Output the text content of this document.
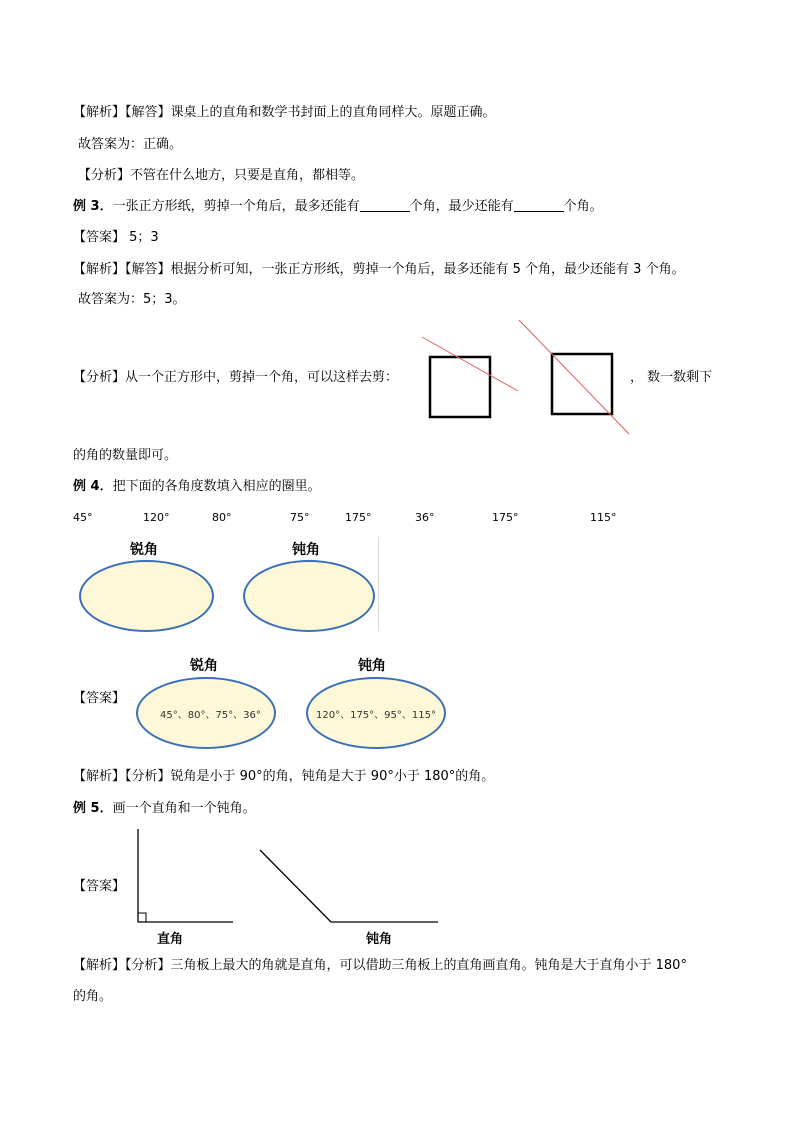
【解析】【解答】课桌上的直角和数学书封面上的直角同样大。原题正确。
故答案为：正确。
【分析】不管在什么地方，只要是直角，都相等。
例 3．一张正方形纸，剪掉一个角后，最多还能有	个角，最少还能有	个角。
【答案】 5；3
【解析】【解答】根据分析可知，一张正方形纸，剪掉一个角后，最多还能有 5 个角，最少还能有 3 个角。
故答案为：5；3。
【分析】从一个正方形中，剪掉一个角，可以这样去剪：	， 数一数剩下
的角的数量即可。
例 4．把下面的各角度数填入相应的圈里。
45°	120°	80°	75°	175°	36°	175°	115°
锐角	钝角
【答案】
锐角
45°、80°、75°、36°
钝角
120°、175°、95°、115°
【解析】【分析】锐角是小于 90°的角，钝角是大于 90°小于 180°的角。
例 5．画一个直角和一个钝角。
【答案】
直角	钝角
【解析】【分析】三角板上最大的角就是直角，可以借助三角板上的直角画直角。钝角是大于直角小于 180°
的角。
